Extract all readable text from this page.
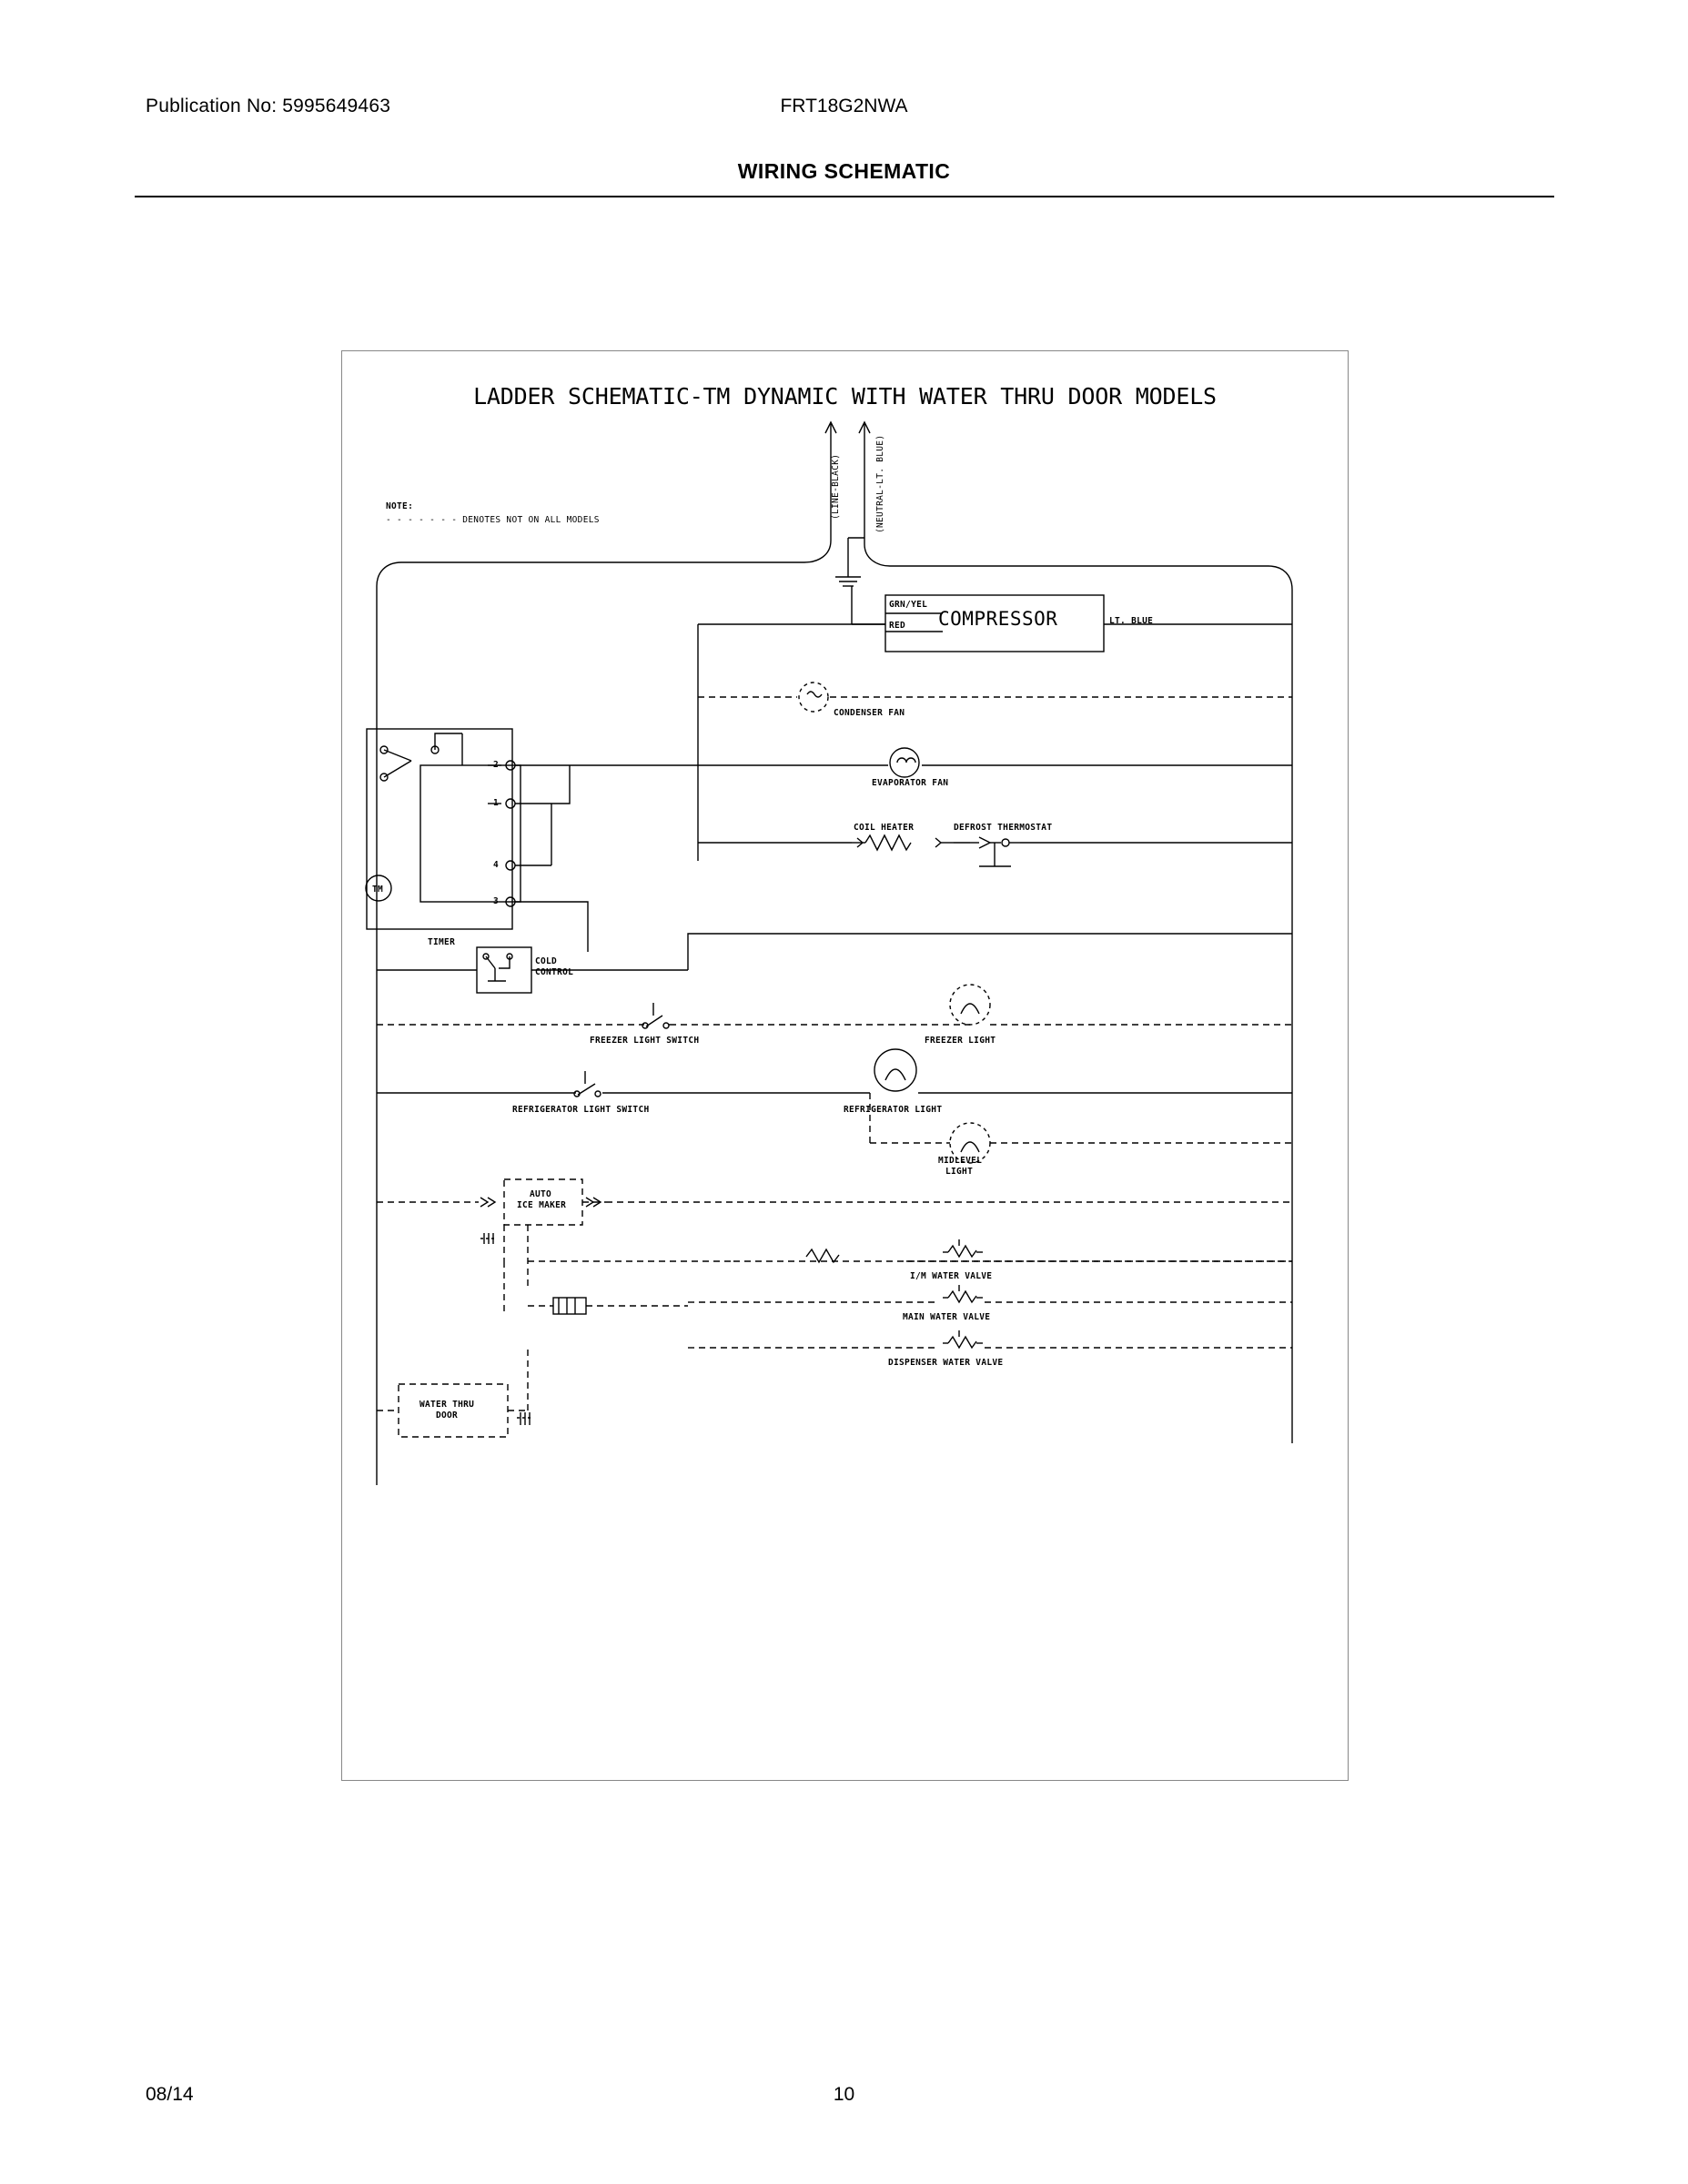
Publication No: 5995649463	FRT18G2NWA
WIRING SCHEMATIC
LADDER SCHEMATIC-TM DYNAMIC WITH WATER THRU DOOR MODELS
(LINE-BLACK)	(NEUTRAL-LT. BLUE)
NOTE:
- - - - - - - DENOTES NOT ON ALL MODELS
COMPRESSOR
GRN/YEL
RED	LT. BLUE
CONDENSER FAN
EVAPORATOR FAN
COIL HEATER	DEFROST THERMOSTAT
TIMER
TM
2
1
4
3
COLD
CONTROL
FREEZER LIGHT SWITCH	FREEZER LIGHT
REFRIGERATOR LIGHT SWITCH	REFRIGERATOR LIGHT
MIDLEVEL
LIGHT
AUTO
ICE MAKER
I/M WATER VALVE
MAIN WATER VALVE
DISPENSER WATER VALVE
WATER THRU
DOOR
08/14	10
